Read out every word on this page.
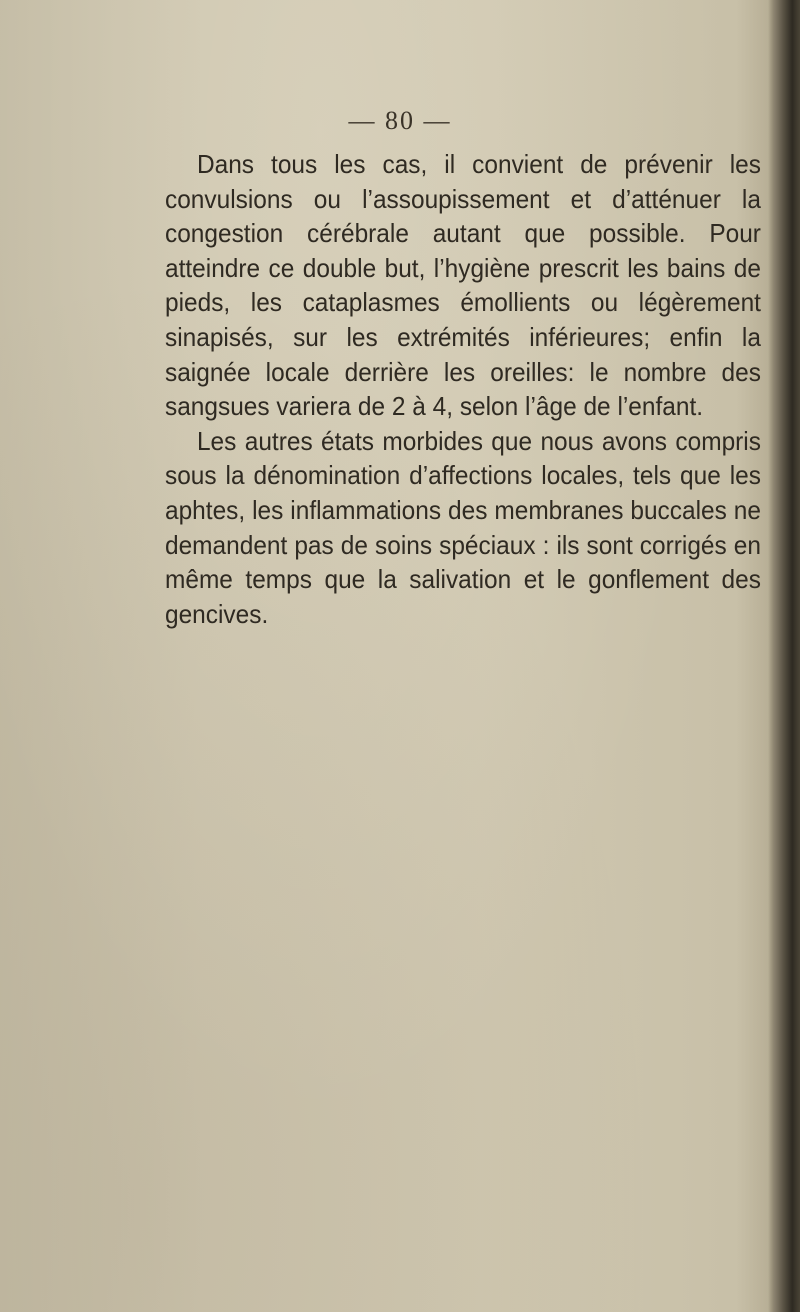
— 80 —

Dans tous les cas, il convient de prévenir les convulsions ou l’assoupissement et d’atténuer la congestion cérébrale autant que possible. Pour atteindre ce double but, l’hygiène prescrit les bains de pieds, les cataplasmes émollients ou légèrement sinapisés, sur les extrémités inférieures; enfin la saignée locale derrière les oreilles: le nombre des sangsues variera de 2 à 4, selon l’âge de l’enfant.

Les autres états morbides que nous avons compris sous la dénomination d’affections locales, tels que les aphtes, les inflammations des membranes buccales ne demandent pas de soins spéciaux : ils sont corrigés en même temps que la salivation et le gonflement des gencives.
